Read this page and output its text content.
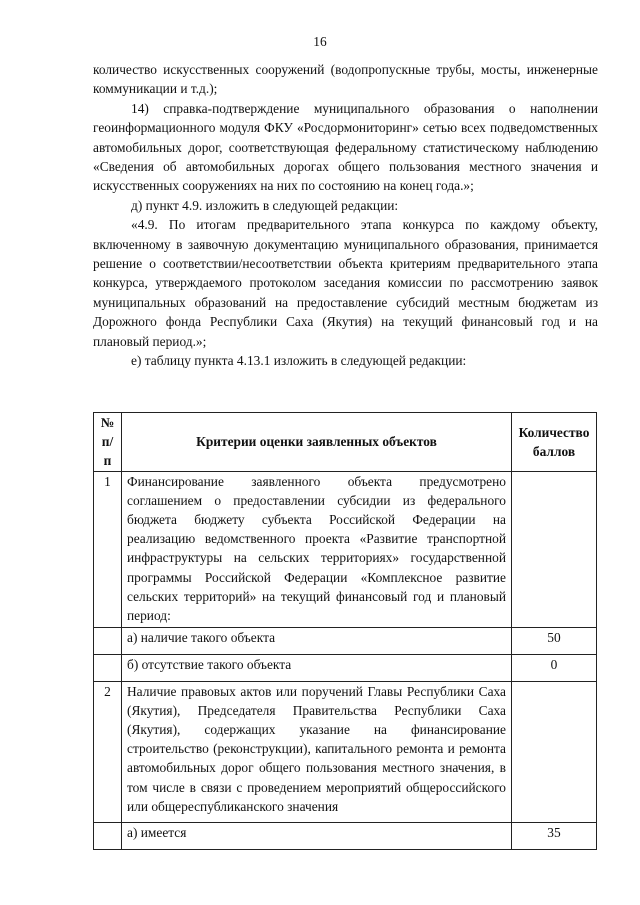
16

количество искусственных сооружений (водопропускные трубы, мосты, инженерные коммуникации и т.д.);

14) справка-подтверждение муниципального образования о наполнении геоинформационного модуля ФКУ «Росдормониторинг» сетью всех подведомственных автомобильных дорог, соответствующая федеральному статистическому наблюдению «Сведения об автомобильных дорогах общего пользования местного значения и искусственных сооружениях на них по состоянию на конец года.»;

д) пункт 4.9. изложить в следующей редакции:

«4.9. По итогам предварительного этапа конкурса по каждому объекту, включенному в заявочную документацию муниципального образования, принимается решение о соответствии/несоответствии объекта критериям предварительного этапа конкурса, утверждаемого протоколом заседания комиссии по рассмотрению заявок муниципальных образований на предоставление субсидий местным бюджетам из Дорожного фонда Республики Саха (Якутия) на текущий финансовый год и на плановый период.»;

е) таблицу пункта 4.13.1 изложить в следующей редакции:

№ п/п	Критерии оценки заявленных объектов	Количество баллов
1	Финансирование заявленного объекта предусмотрено соглашением о предоставлении субсидии из федерального бюджета бюджету субъекта Российской Федерации на реализацию ведомственного проекта «Развитие транспортной инфраструктуры на сельских территориях» государственной программы Российской Федерации «Комплексное развитие сельских территорий» на текущий финансовый год и плановый период:	
	а) наличие такого объекта	50
	б) отсутствие такого объекта	0
2	Наличие правовых актов или поручений Главы Республики Саха (Якутия), Председателя Правительства Республики Саха (Якутия), содержащих указание на финансирование строительство (реконструкции), капитального ремонта и ремонта автомобильных дорог общего пользования местного значения, в том числе в связи с проведением мероприятий общероссийского или общереспубликанского значения	
	а) имеется	35
